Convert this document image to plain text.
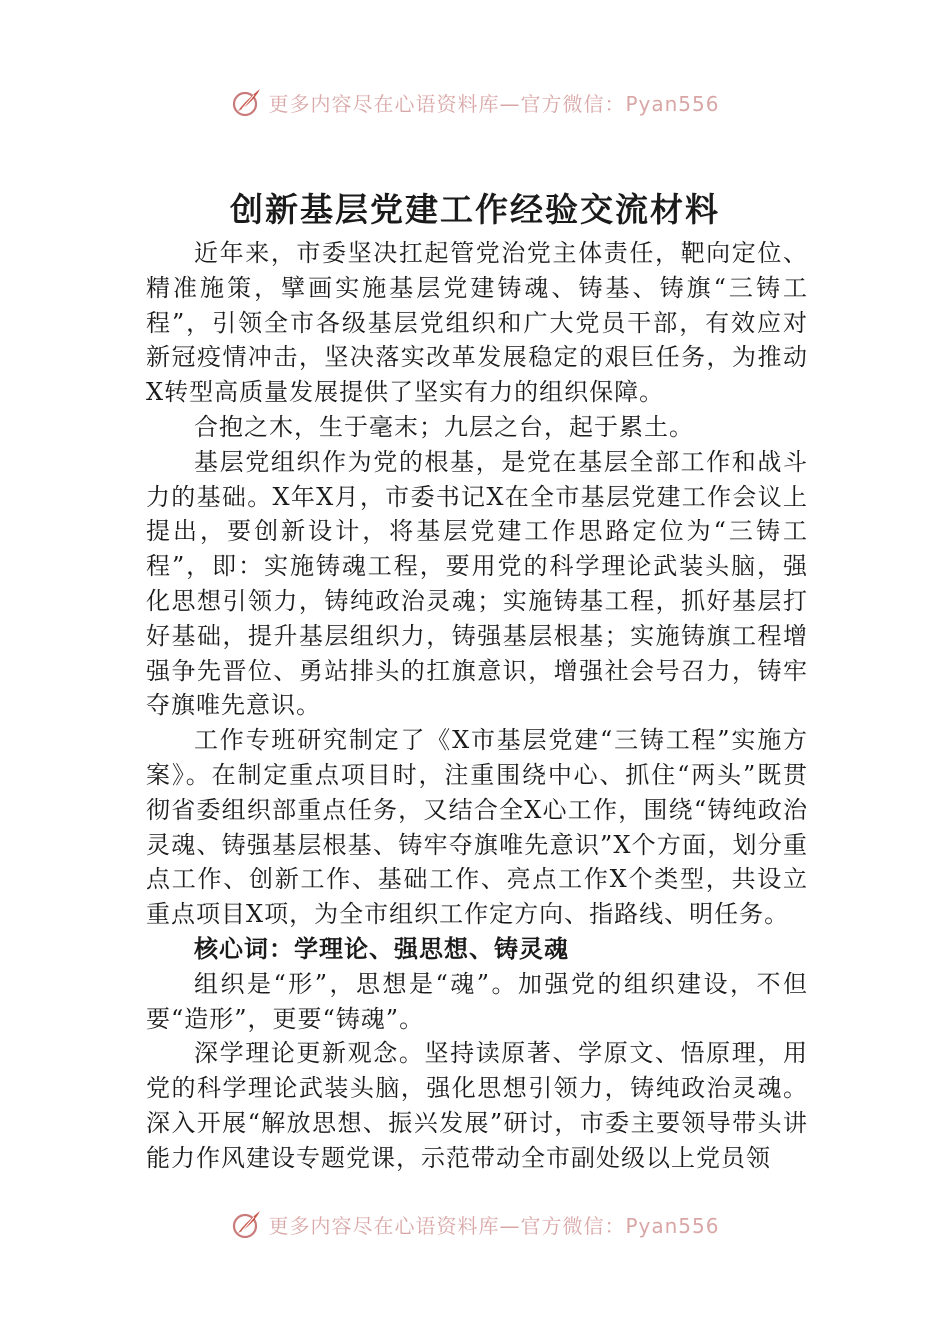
更多内容尽在心语资料库—官方微信：Pyan556
创新基层党建工作经验交流材料

近年来，市委坚决扛起管党治党主体责任，靶向定位、精准施策，擘画实施基层党建铸魂、铸基、铸旗“三铸工程”，引领全市各级基层党组织和广大党员干部，有效应对新冠疫情冲击，坚决落实改革发展稳定的艰巨任务，为推动X转型高质量发展提供了坚实有力的组织保障。

合抱之木，生于毫末；九层之台，起于累土。

基层党组织作为党的根基，是党在基层全部工作和战斗力的基础。X年X月，市委书记X在全市基层党建工作会议上提出，要创新设计，将基层党建工作思路定位为“三铸工程”，即：实施铸魂工程，要用党的科学理论武装头脑，强化思想引领力，铸纯政治灵魂；实施铸基工程，抓好基层打好基础，提升基层组织力，铸强基层根基；实施铸旗工程增强争先晋位、勇站排头的扛旗意识，增强社会号召力，铸牢夺旗唯先意识。

工作专班研究制定了《X市基层党建“三铸工程”实施方案》。在制定重点项目时，注重围绕中心、抓住“两头”既贯彻省委组织部重点任务，又结合全X心工作，围绕“铸纯政治灵魂、铸强基层根基、铸牢夺旗唯先意识”X个方面，划分重点工作、创新工作、基础工作、亮点工作X个类型，共设立重点项目X项，为全市组织工作定方向、指路线、明任务。

核心词：学理论、强思想、铸灵魂

组织是“形”，思想是“魂”。加强党的组织建设，不但要“造形”，更要“铸魂”。

深学理论更新观念。坚持读原著、学原文、悟原理，用党的科学理论武装头脑，强化思想引领力，铸纯政治灵魂。深入开展“解放思想、振兴发展”研讨，市委主要领导带头讲能力作风建设专题党课，示范带动全市副处级以上党员领

更多内容尽在心语资料库—官方微信：Pyan556
